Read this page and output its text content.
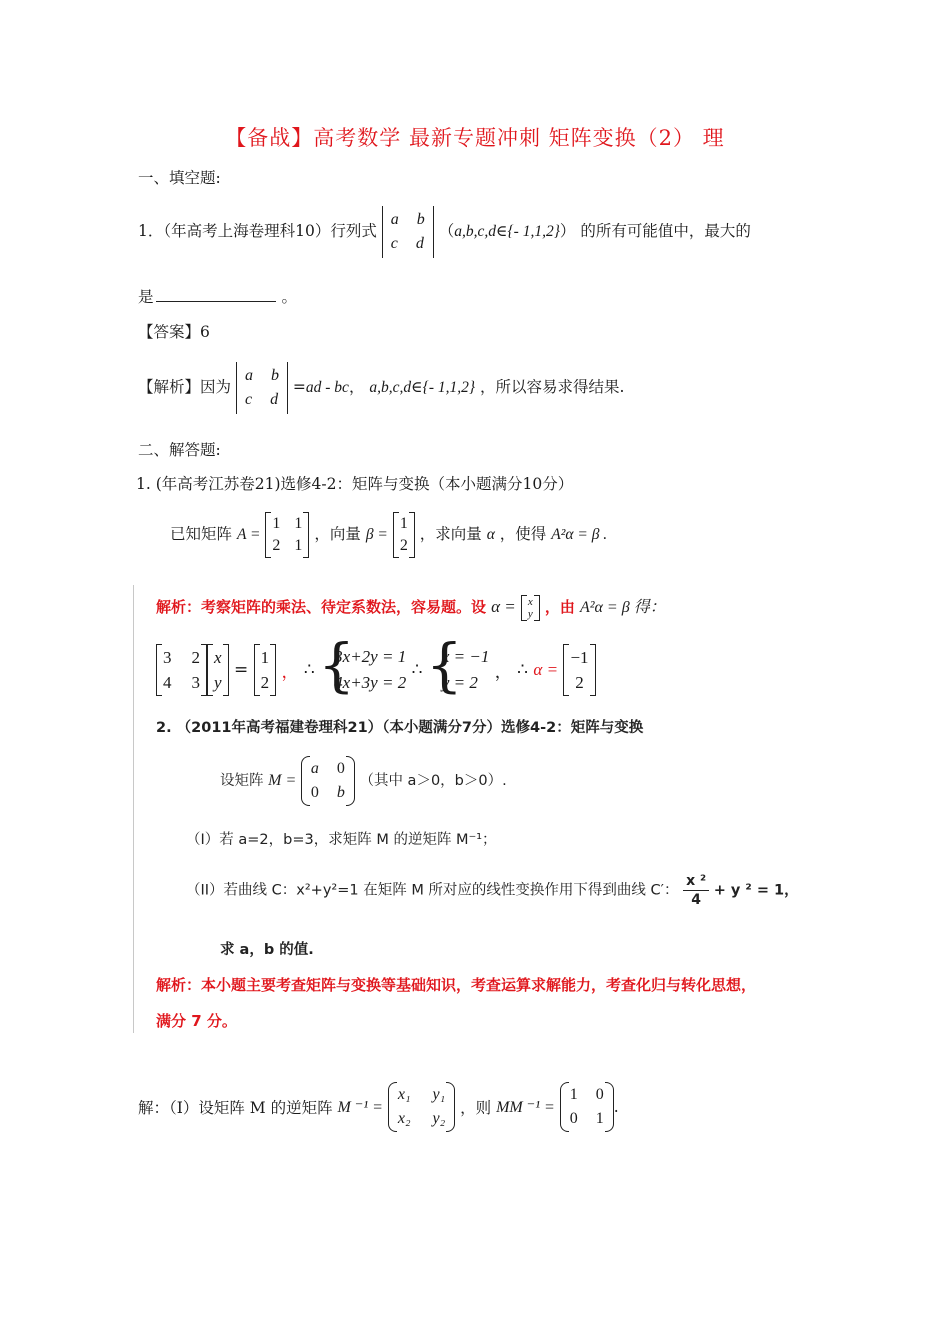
【备战】高考数学 最新专题冲刺 矩阵变换（2） 理
一、填空题:
1．（年高考上海卷理科10）行列式
a b
c d
（a,b,c,d∈{- 1,1,2}） 的所有可能值中，最大的
是	。
【答案】6
【解析】因为
a b
c d
=ad - bc， a,b,c,d∈{- 1,1,2} ，所以容易求得结果.
二、解答题:
1. (年高考江苏卷21)选修4-2：矩阵与变换（本小题满分10分）
已知矩阵 A =
1 1
2 1
，向量 β =
1
2
，求向量 α ，使得 A²α = β .
解析：考察矩阵的乘法、待定系数法，容易题。设 α = x
y ，由 A²α = β 得：
3 2
4 3
x
y
=
1
2 ， ∴
{ 3x+2y = 1
4x+3y = 2
∴
{ x = −1
y = 2 ， ∴ α =
−1
2
2. （2011年高考福建卷理科21）（本小题满分7分）选修4-2：矩阵与变换
设矩阵 M =
a 0
0 b
（其中 a＞0，b＞0）.
（I）若 a=2，b=3，求矩阵 M 的逆矩阵 M⁻¹；
（II）若曲线 C：x²+y²=1 在矩阵 M 所对应的线性变换作用下得到曲线 C′： $\frac{\text{x ²}}{4} + y$ ² = 1，
求 a，b 的值.
解析：本小题主要考查矩阵与变换等基础知识，考查运算求解能力，考查化归与转化思想，
满分 7 分。
解：（I）设矩阵 M 的逆矩阵 M ⁻¹ =
x₁ y₁
x₂ y₂
，则 MM ⁻¹ =
1 0
0 1
.
